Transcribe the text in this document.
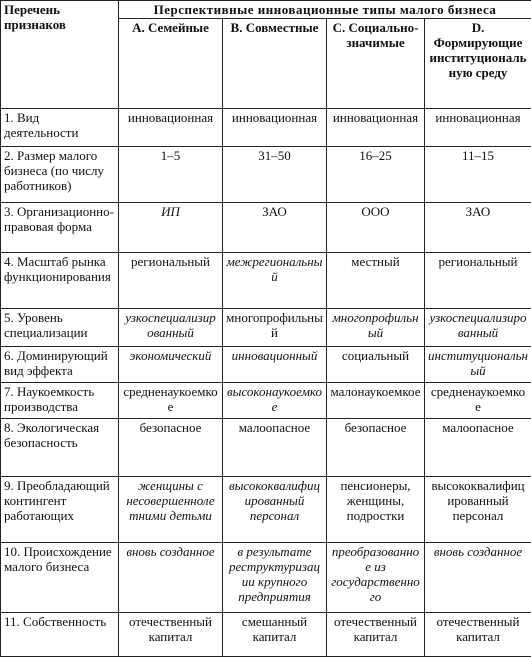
Перечень признаков	Перспективные инновационные типы малого бизнеса			
	A. Семейные	B. Совместные	C. Социально-значимые	D. Формирующие институциональную среду
1. Вид деятельности	инновационная	инновационная	инновационная	инновационная
2. Размер малого бизнеса (по числу работников)	1–5	31–50	16–25	11–15
3. Организационно-правовая форма	ИП	ЗАО	ООО	ЗАО
4. Масштаб рынка функционирования	региональный	межрегиональный	местный	региональный
5. Уровень специализации	узкоспециализированный	многопрофильный	многопрофильный	узкоспециализированный
6. Доминирующий вид эффекта	экономический	инновационный	социальный	институциональный
7. Наукоемкость производства	средненаукоемкое	высоконаукоемкое	малонаукоемкое	средненаукоемкое
8. Экологическая безопасность	безопасное	малоопасное	безопасное	малоопасное
9. Преобладающий контингент работающих	женщины с несовершеннолетними детьми	высококвалифицированный персонал	пенсионеры, женщины, подростки	высококвалифицированный персонал
10. Происхождение малого бизнеса	вновь созданное	в результате реструктуризации крупного предприятия	преобразованное из государственного	вновь созданное
11. Собственность	отечественный капитал	смешанный капитал	отечественный капитал	отечественный капитал
